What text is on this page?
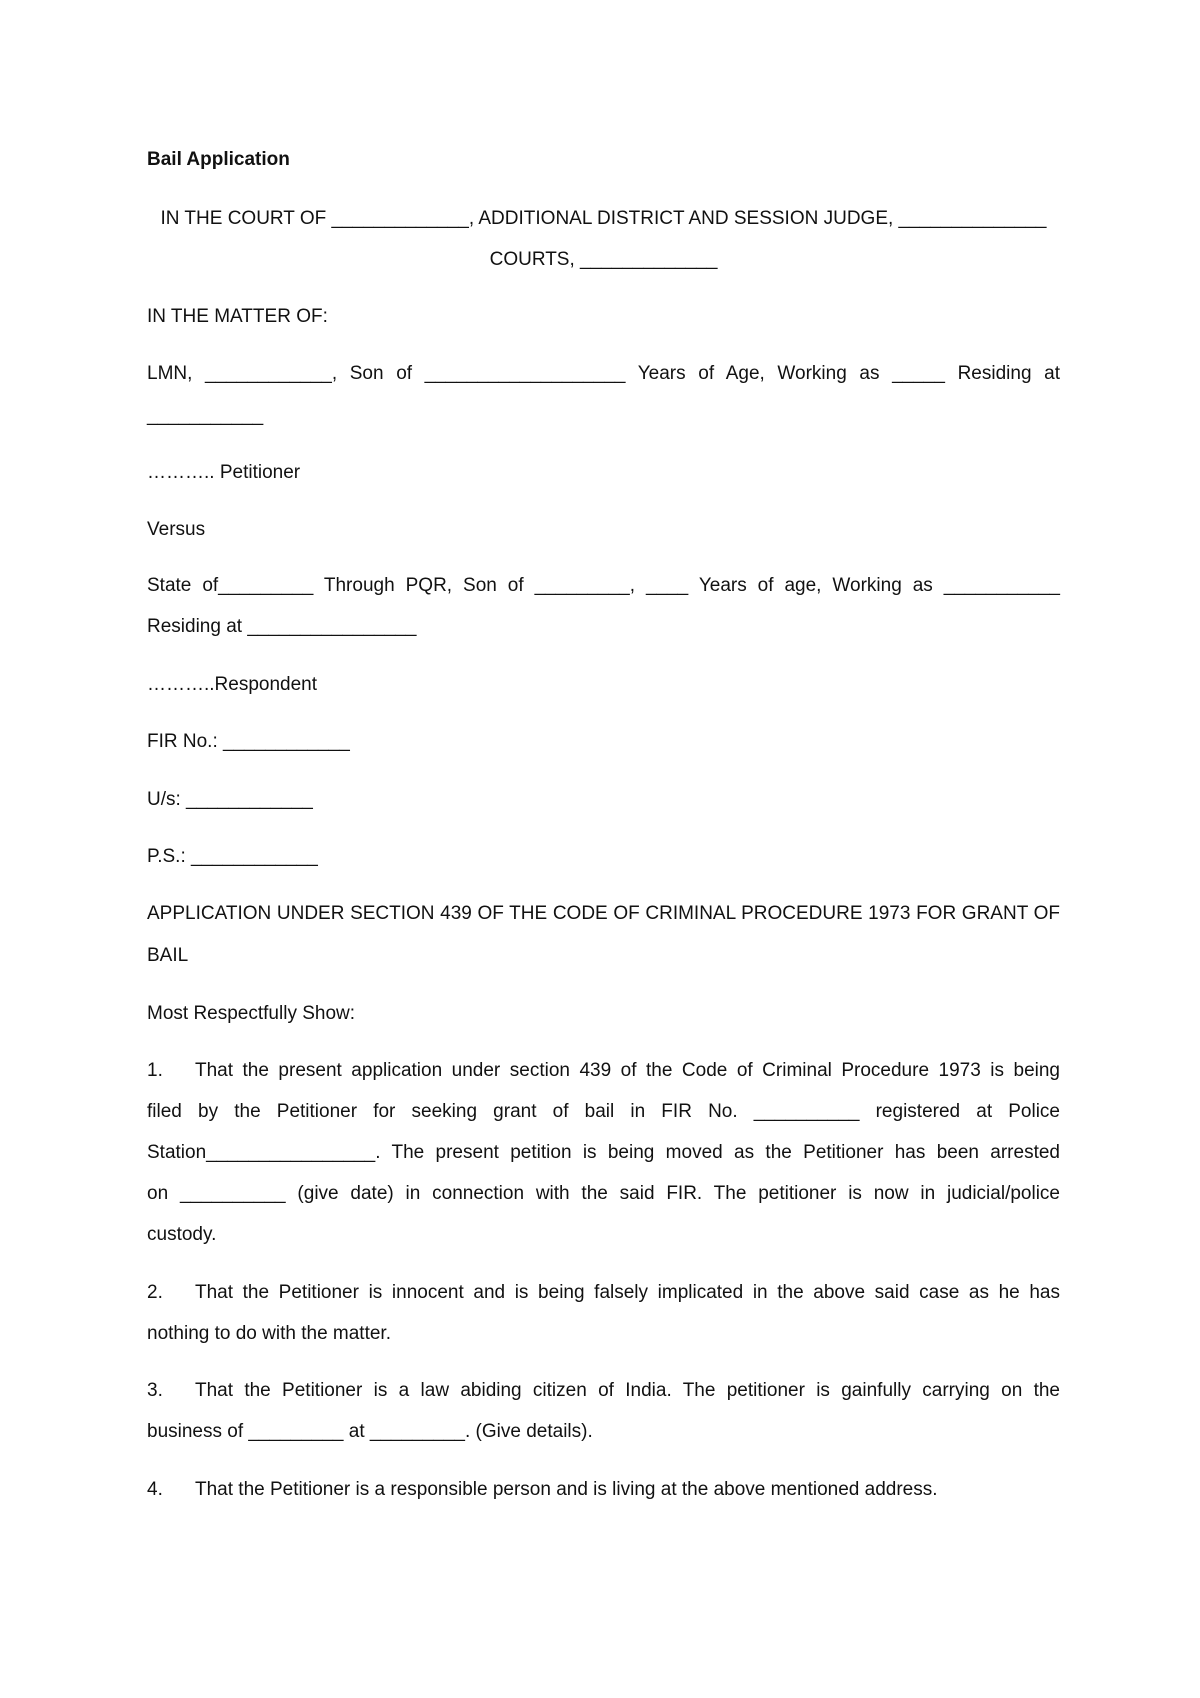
Bail Application
IN THE COURT OF _____________, ADDITIONAL DISTRICT AND SESSION JUDGE, ______________
COURTS, _____________
IN THE MATTER OF:
LMN, ____________, Son of ___________________ Years of Age, Working as _____ Residing at
___________
……….. Petitioner
Versus
State of_________ Through PQR, Son of _________, ____ Years of age, Working as ___________
Residing at ________________
………..Respondent
FIR No.: ____________
U/s: ____________
P.S.: ____________
APPLICATION UNDER SECTION 439 OF THE CODE OF CRIMINAL PROCEDURE 1973 FOR GRANT OF
BAIL
Most Respectfully Show:
1. That the present application under section 439 of the Code of Criminal Procedure 1973 is being
filed by the Petitioner for seeking grant of bail in FIR No. __________ registered at Police
Station________________. The present petition is being moved as the Petitioner has been arrested
on __________ (give date) in connection with the said FIR. The petitioner is now in judicial/police
custody.
2. That the Petitioner is innocent and is being falsely implicated in the above said case as he has
nothing to do with the matter.
3. That the Petitioner is a law abiding citizen of India. The petitioner is gainfully carrying on the
business of _________ at _________. (Give details).
4. That the Petitioner is a responsible person and is living at the above mentioned address.
